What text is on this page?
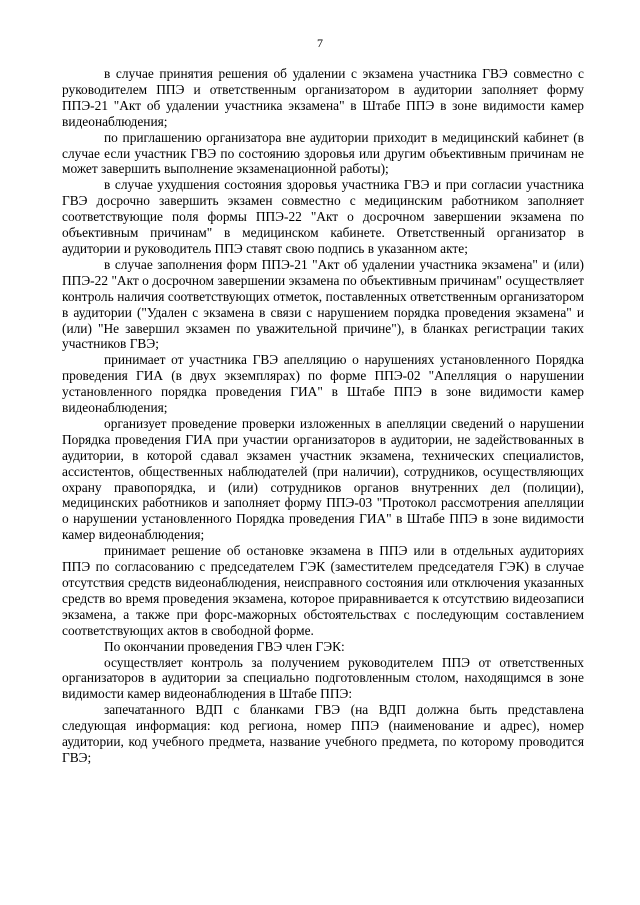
7

в случае принятия решения об удалении с экзамена участника ГВЭ совместно с руководителем ППЭ и ответственным организатором в аудитории заполняет форму ППЭ-21 "Акт об удалении участника экзамена" в Штабе ППЭ в зоне видимости камер видеонаблюдения;

по приглашению организатора вне аудитории приходит в медицинский кабинет (в случае если участник ГВЭ по состоянию здоровья или другим объективным причинам не может завершить выполнение экзаменационной работы);

в случае ухудшения состояния здоровья участника ГВЭ и при согласии участника ГВЭ досрочно завершить экзамен совместно с медицинским работником заполняет соответствующие поля формы ППЭ-22 "Акт о досрочном завершении экзамена по объективным причинам" в медицинском кабинете. Ответственный организатор в аудитории и руководитель ППЭ ставят свою подпись в указанном акте;

в случае заполнения форм ППЭ-21 "Акт об удалении участника экзамена" и (или) ППЭ-22 "Акт о досрочном завершении экзамена по объективным причинам" осуществляет контроль наличия соответствующих отметок, поставленных ответственным организатором в аудитории ("Удален с экзамена в связи с нарушением порядка проведения экзамена" и (или) "Не завершил экзамен по уважительной причине"), в бланках регистрации таких участников ГВЭ;

принимает от участника ГВЭ апелляцию о нарушениях установленного Порядка проведения ГИА (в двух экземплярах) по форме ППЭ-02 "Апелляция о нарушении установленного порядка проведения ГИА" в Штабе ППЭ в зоне видимости камер видеонаблюдения;

организует проведение проверки изложенных в апелляции сведений о нарушении Порядка проведения ГИА при участии организаторов в аудитории, не задействованных в аудитории, в которой сдавал экзамен участник экзамена, технических специалистов, ассистентов, общественных наблюдателей (при наличии), сотрудников, осуществляющих охрану правопорядка, и (или) сотрудников органов внутренних дел (полиции), медицинских работников и заполняет форму ППЭ-03 "Протокол рассмотрения апелляции о нарушении установленного Порядка проведения ГИА" в Штабе ППЭ в зоне видимости камер видеонаблюдения;

принимает решение об остановке экзамена в ППЭ или в отдельных аудиториях ППЭ по согласованию с председателем ГЭК (заместителем председателя ГЭК) в случае отсутствия средств видеонаблюдения, неисправного состояния или отключения указанных средств во время проведения экзамена, которое приравнивается к отсутствию видеозаписи экзамена, а также при форс-мажорных обстоятельствах с последующим составлением соответствующих актов в свободной форме.

По окончании проведения ГВЭ член ГЭК:

осуществляет контроль за получением руководителем ППЭ от ответственных организаторов в аудитории за специально подготовленным столом, находящимся в зоне видимости камер видеонаблюдения в Штабе ППЭ:

запечатанного ВДП с бланками ГВЭ (на ВДП должна быть представлена следующая информация: код региона, номер ППЭ (наименование и адрес), номер аудитории, код учебного предмета, название учебного предмета, по которому проводится ГВЭ;
